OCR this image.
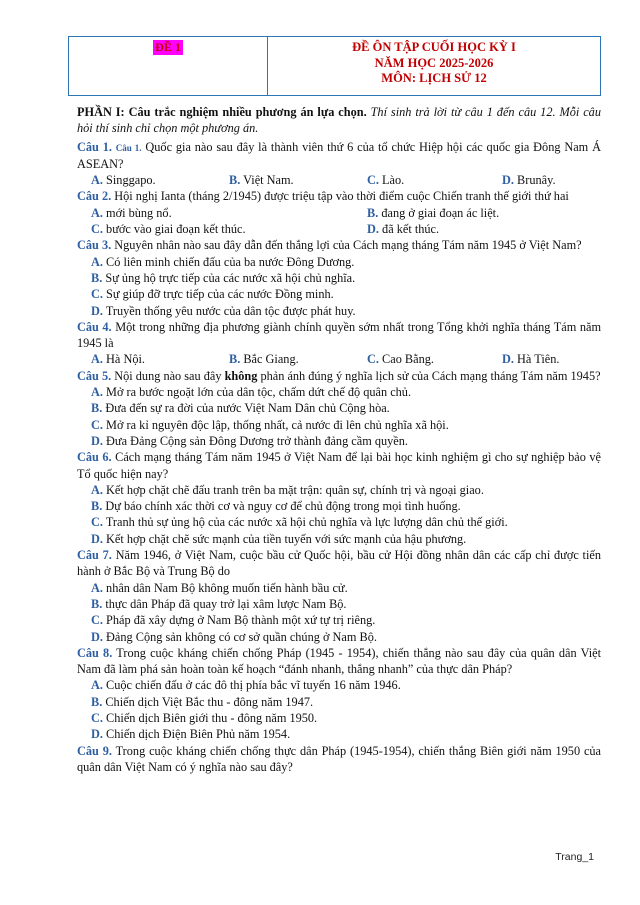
ĐỀ 1	ĐỀ ÔN TẬP CUỐI HỌC KỲ I
NĂM HỌC 2025-2026
MÔN: LỊCH SỬ 12

PHẦN I: Câu trắc nghiệm nhiều phương án lựa chọn. Thí sinh trả lời từ câu 1 đến câu 12. Mỗi câu hỏi thí sinh chỉ chọn một phương án.

Câu 1. Câu 1. Quốc gia nào sau đây là thành viên thứ 6 của tổ chức Hiệp hội các quốc gia Đông Nam Á ASEAN?

A. Singgapo.	B. Việt Nam.	C. Lào.	D. Brunây.

Câu 2. Hội nghị Ianta (tháng 2/1945) được triệu tập vào thời điểm cuộc Chiến tranh thế giới thứ hai

A. mới bùng nổ.	B. đang ở giai đoạn ác liệt.
C. bước vào giai đoạn kết thúc.	D. đã kết thúc.

Câu 3. Nguyên nhân nào sau đây dẫn đến thắng lợi của Cách mạng tháng Tám năm 1945 ở Việt Nam?

A. Có liên minh chiến đấu của ba nước Đông Dương.
B. Sự ủng hộ trực tiếp của các nước xã hội chủ nghĩa.
C. Sự giúp đỡ trực tiếp của các nước Đồng minh.
D. Truyền thống yêu nước của dân tộc được phát huy.

Câu 4. Một trong những địa phương giành chính quyền sớm nhất trong Tổng khởi nghĩa tháng Tám năm 1945 là

A. Hà Nội.	B. Bắc Giang.	C. Cao Bằng.	D. Hà Tiên.

Câu 5. Nội dung nào sau đây không phản ánh đúng ý nghĩa lịch sử của Cách mạng tháng Tám năm 1945?

A. Mở ra bước ngoặt lớn của dân tộc, chấm dứt chế độ quân chủ.
B. Đưa đến sự ra đời của nước Việt Nam Dân chủ Cộng hòa.
C. Mở ra kỉ nguyên độc lập, thống nhất, cả nước đi lên chủ nghĩa xã hội.
D. Đưa Đảng Cộng sản Đông Dương trở thành đảng cầm quyền.

Câu 6. Cách mạng tháng Tám năm 1945 ở Việt Nam để lại bài học kinh nghiệm gì cho sự nghiệp bảo vệ Tổ quốc hiện nay?

A. Kết hợp chặt chẽ đấu tranh trên ba mặt trận: quân sự, chính trị và ngoại giao.
B. Dự báo chính xác thời cơ và nguy cơ để chủ động trong mọi tình huống.
C. Tranh thủ sự ủng hộ của các nước xã hội chủ nghĩa và lực lượng dân chủ thế giới.
D. Kết hợp chặt chẽ sức mạnh của tiền tuyến với sức mạnh của hậu phương.

Câu 7. Năm 1946, ở Việt Nam, cuộc bầu cử Quốc hội, bầu cử Hội đồng nhân dân các cấp chỉ được tiến hành ở Bắc Bộ và Trung Bộ do

A. nhân dân Nam Bộ không muốn tiến hành bầu cử.
B. thực dân Pháp đã quay trở lại xâm lược Nam Bộ.
C. Pháp đã xây dựng ở Nam Bộ thành một xứ tự trị riêng.
D. Đảng Cộng sản không có cơ sở quần chúng ở Nam Bộ.

Câu 8. Trong cuộc kháng chiến chống Pháp (1945 - 1954), chiến thắng nào sau đây của quân dân Việt Nam đã làm phá sản hoàn toàn kế hoạch “đánh nhanh, thắng nhanh” của thực dân Pháp?

A. Cuộc chiến đấu ở các đô thị phía bắc vĩ tuyến 16 năm 1946.
B. Chiến dịch Việt Bắc thu - đông năm 1947.
C. Chiến dịch Biên giới thu - đông năm 1950.
D. Chiến dịch Điện Biên Phủ năm 1954.

Câu 9. Trong cuộc kháng chiến chống thực dân Pháp (1945-1954), chiến thắng Biên giới năm 1950 của quân dân Việt Nam có ý nghĩa nào sau đây?

Trang_1
